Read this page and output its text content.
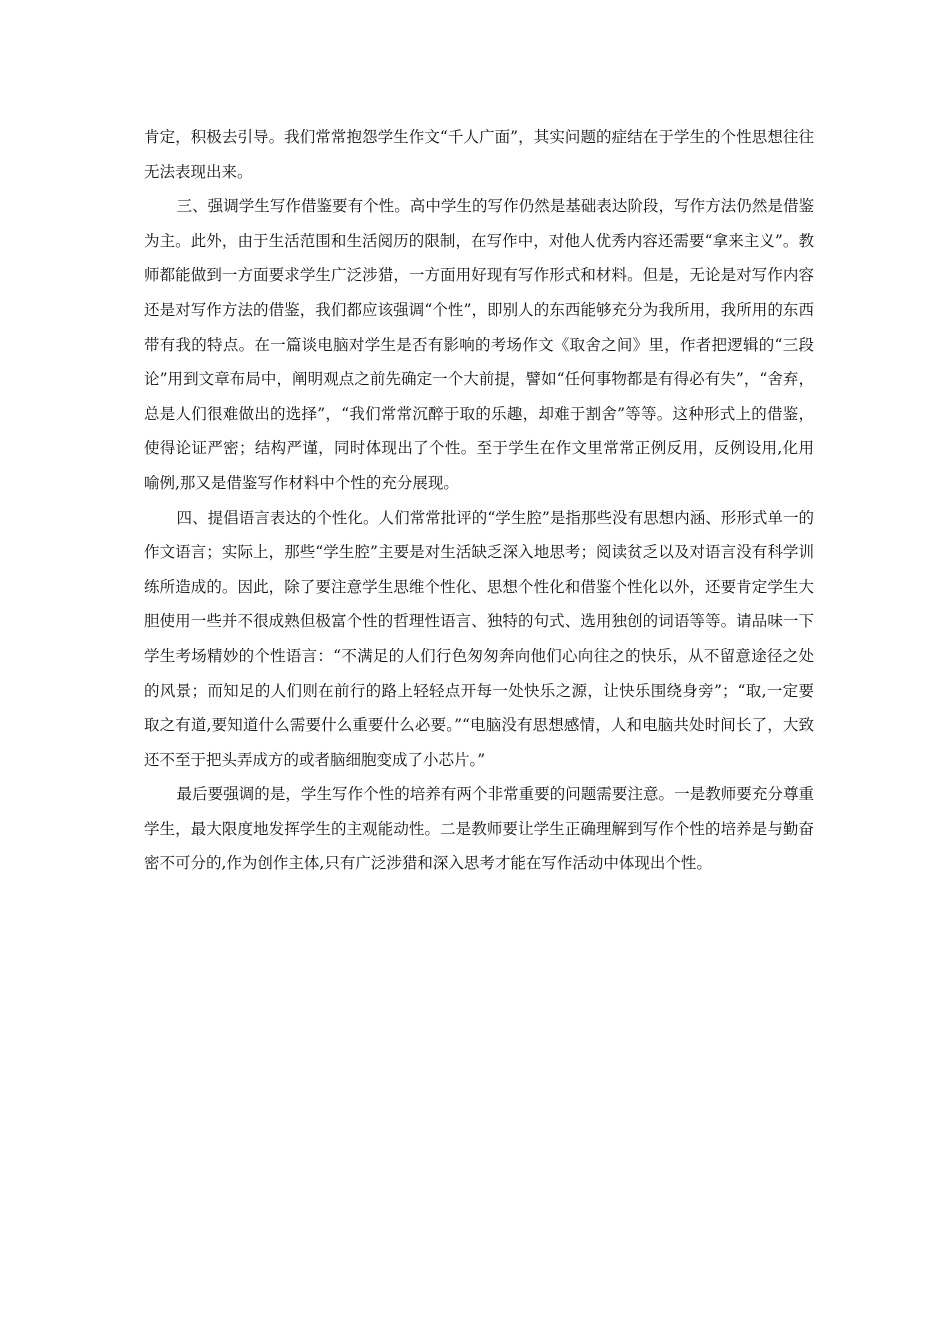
肯定，积极去引导。我们常常抱怨学生作文“千人广面”，其实问题的症结在于学生的个性思想往往无法表现出来。

三、强调学生写作借鉴要有个性。高中学生的写作仍然是基础表达阶段，写作方法仍然是借鉴为主。此外，由于生活范围和生活阅历的限制，在写作中，对他人优秀内容还需要“拿来主义”。教师都能做到一方面要求学生广泛涉猎，一方面用好现有写作形式和材料。但是，无论是对写作内容还是对写作方法的借鉴，我们都应该强调“个性”，即别人的东西能够充分为我所用，我所用的东西带有我的特点。在一篇谈电脑对学生是否有影响的考场作文《取舍之间》里，作者把逻辑的“三段论”用到文章布局中，阐明观点之前先确定一个大前提，譬如“任何事物都是有得必有失”，“舍弃，总是人们很难做出的选择”，“我们常常沉醉于取的乐趣，却难于割舍”等等。这种形式上的借鉴，使得论证严密；结构严谨，同时体现出了个性。至于学生在作文里常常正例反用，反例设用,化用喻例,那又是借鉴写作材料中个性的充分展现。

四、提倡语言表达的个性化。人们常常批评的“学生腔”是指那些没有思想内涵、形形式单一的作文语言；实际上，那些“学生腔”主要是对生活缺乏深入地思考；阅读贫乏以及对语言没有科学训练所造成的。因此，除了要注意学生思维个性化、思想个性化和借鉴个性化以外，还要肯定学生大胆使用一些并不很成熟但极富个性的哲理性语言、独特的句式、选用独创的词语等等。请品味一下学生考场精妙的个性语言：“不满足的人们行色匆匆奔向他们心向往之的快乐，从不留意途径之处的风景；而知足的人们则在前行的路上轻轻点开每一处快乐之源，让快乐围绕身旁”；“取,一定要取之有道,要知道什么需要什么重要什么必要。”“电脑没有思想感情，人和电脑共处时间长了，大致还不至于把头弄成方的或者脑细胞变成了小芯片。”

最后要强调的是，学生写作个性的培养有两个非常重要的问题需要注意。一是教师要充分尊重学生，最大限度地发挥学生的主观能动性。二是教师要让学生正确理解到写作个性的培养是与勤奋密不可分的,作为创作主体,只有广泛涉猎和深入思考才能在写作活动中体现出个性。
